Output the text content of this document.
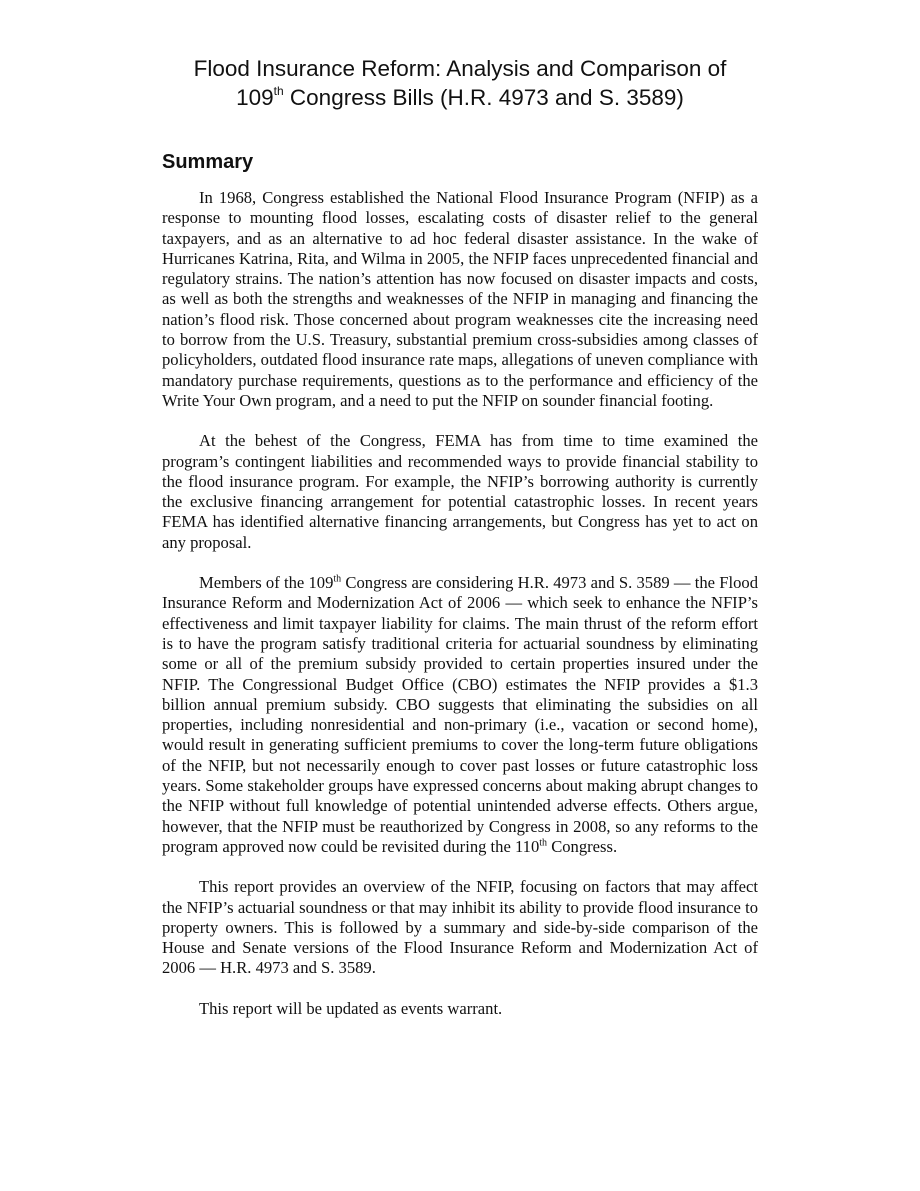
Flood Insurance Reform: Analysis and Comparison of
109th Congress Bills (H.R. 4973 and S. 3589)
Summary

In 1968, Congress established the National Flood Insurance Program (NFIP) as a response to mounting flood losses, escalating costs of disaster relief to the general taxpayers, and as an alternative to ad hoc federal disaster assistance. In the wake of Hurricanes Katrina, Rita, and Wilma in 2005, the NFIP faces unprecedented financial and regulatory strains. The nation’s attention has now focused on disaster impacts and costs, as well as both the strengths and weaknesses of the NFIP in managing and financing the nation’s flood risk. Those concerned about program weaknesses cite the increasing need to borrow from the U.S. Treasury, substantial premium cross-subsidies among classes of policyholders, outdated flood insurance rate maps, allegations of uneven compliance with mandatory purchase requirements, questions as to the performance and efficiency of the Write Your Own program, and a need to put the NFIP on sounder financial footing.

At the behest of the Congress, FEMA has from time to time examined the program’s contingent liabilities and recommended ways to provide financial stability to the flood insurance program. For example, the NFIP’s borrowing authority is currently the exclusive financing arrangement for potential catastrophic losses. In recent years FEMA has identified alternative financing arrangements, but Congress has yet to act on any proposal.

Members of the 109th Congress are considering H.R. 4973 and S. 3589 — the Flood Insurance Reform and Modernization Act of 2006 — which seek to enhance the NFIP’s effectiveness and limit taxpayer liability for claims. The main thrust of the reform effort is to have the program satisfy traditional criteria for actuarial soundness by eliminating some or all of the premium subsidy provided to certain properties insured under the NFIP. The Congressional Budget Office (CBO) estimates the NFIP provides a $1.3 billion annual premium subsidy. CBO suggests that eliminating the subsidies on all properties, including nonresidential and non-primary (i.e., vacation or second home), would result in generating sufficient premiums to cover the long-term future obligations of the NFIP, but not necessarily enough to cover past losses or future catastrophic loss years. Some stakeholder groups have expressed concerns about making abrupt changes to the NFIP without full knowledge of potential unintended adverse effects. Others argue, however, that the NFIP must be reauthorized by Congress in 2008, so any reforms to the program approved now could be revisited during the 110th Congress.

This report provides an overview of the NFIP, focusing on factors that may affect the NFIP’s actuarial soundness or that may inhibit its ability to provide flood insurance to property owners. This is followed by a summary and side-by-side comparison of the House and Senate versions of the Flood Insurance Reform and Modernization Act of 2006 — H.R. 4973 and S. 3589.

This report will be updated as events warrant.
